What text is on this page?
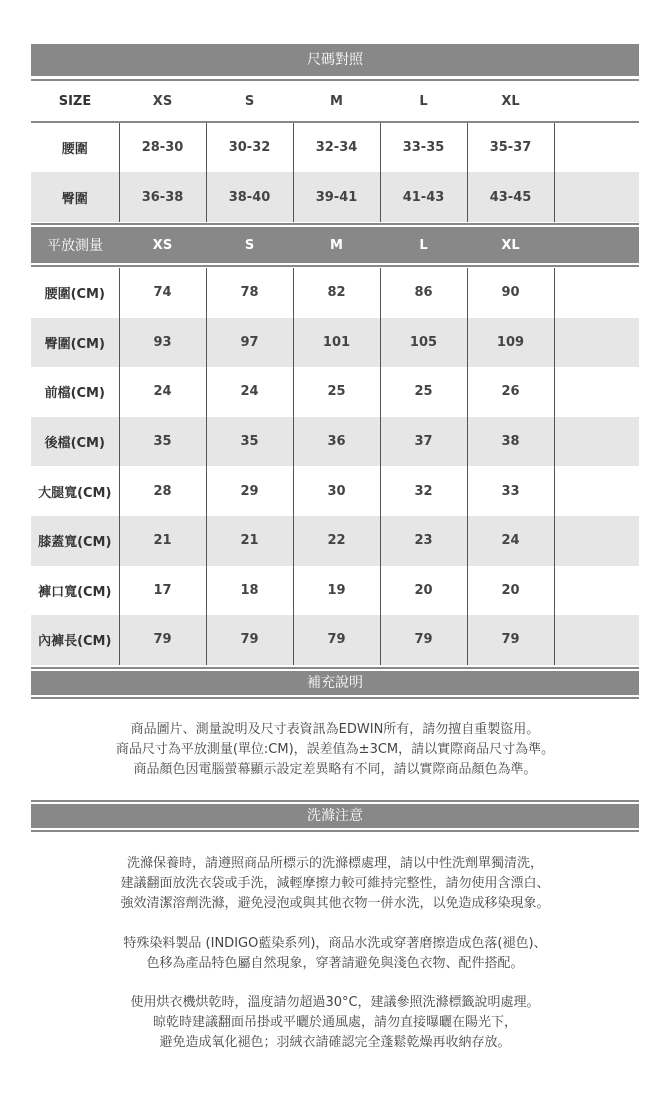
尺碼對照
SIZE	XS	S	M	L	XL	
腰圍	28-30	30-32	32-34	33-35	35-37	
臀圍	36-38	38-40	39-41	41-43	43-45	
平放測量	XS	S	M	L	XL	
腰圍(CM)	74	78	82	86	90	
臀圍(CM)	93	97	101	105	109	
前檔(CM)	24	24	25	25	26	
後檔(CM)	35	35	36	37	38	
大腿寬(CM)	28	29	30	32	33	
膝蓋寬(CM)	21	21	22	23	24	
褲口寬(CM)	17	18	19	20	20	
內褲長(CM)	79	79	79	79	79	
補充說明
商品圖片、測量說明及尺寸表資訊為EDWIN所有，請勿擅自重製盜用。
商品尺寸為平放測量(單位:CM)，誤差值為±3CM，請以實際商品尺寸為準。
商品顏色因電腦螢幕顯示設定差異略有不同，請以實際商品顏色為準。
洗滌注意
洗滌保養時，請遵照商品所標示的洗滌標處理，請以中性洗劑單獨清洗，
建議翻面放洗衣袋或手洗，減輕摩擦力較可維持完整性，請勿使用含漂白、
強效清潔溶劑洗滌，避免浸泡或與其他衣物一併水洗，以免造成移染現象。
特殊染料製品 (INDIGO藍染系列)，商品水洗或穿著磨擦造成色落(褪色)、
色移為產品特色屬自然現象，穿著請避免與淺色衣物、配件搭配。
使用烘衣機烘乾時，溫度請勿超過30°C，建議參照洗滌標籤說明處理。
晾乾時建議翻面吊掛或平曬於通風處，請勿直接曝曬在陽光下，
避免造成氧化褪色；羽絨衣請確認完全蓬鬆乾燥再收納存放。
